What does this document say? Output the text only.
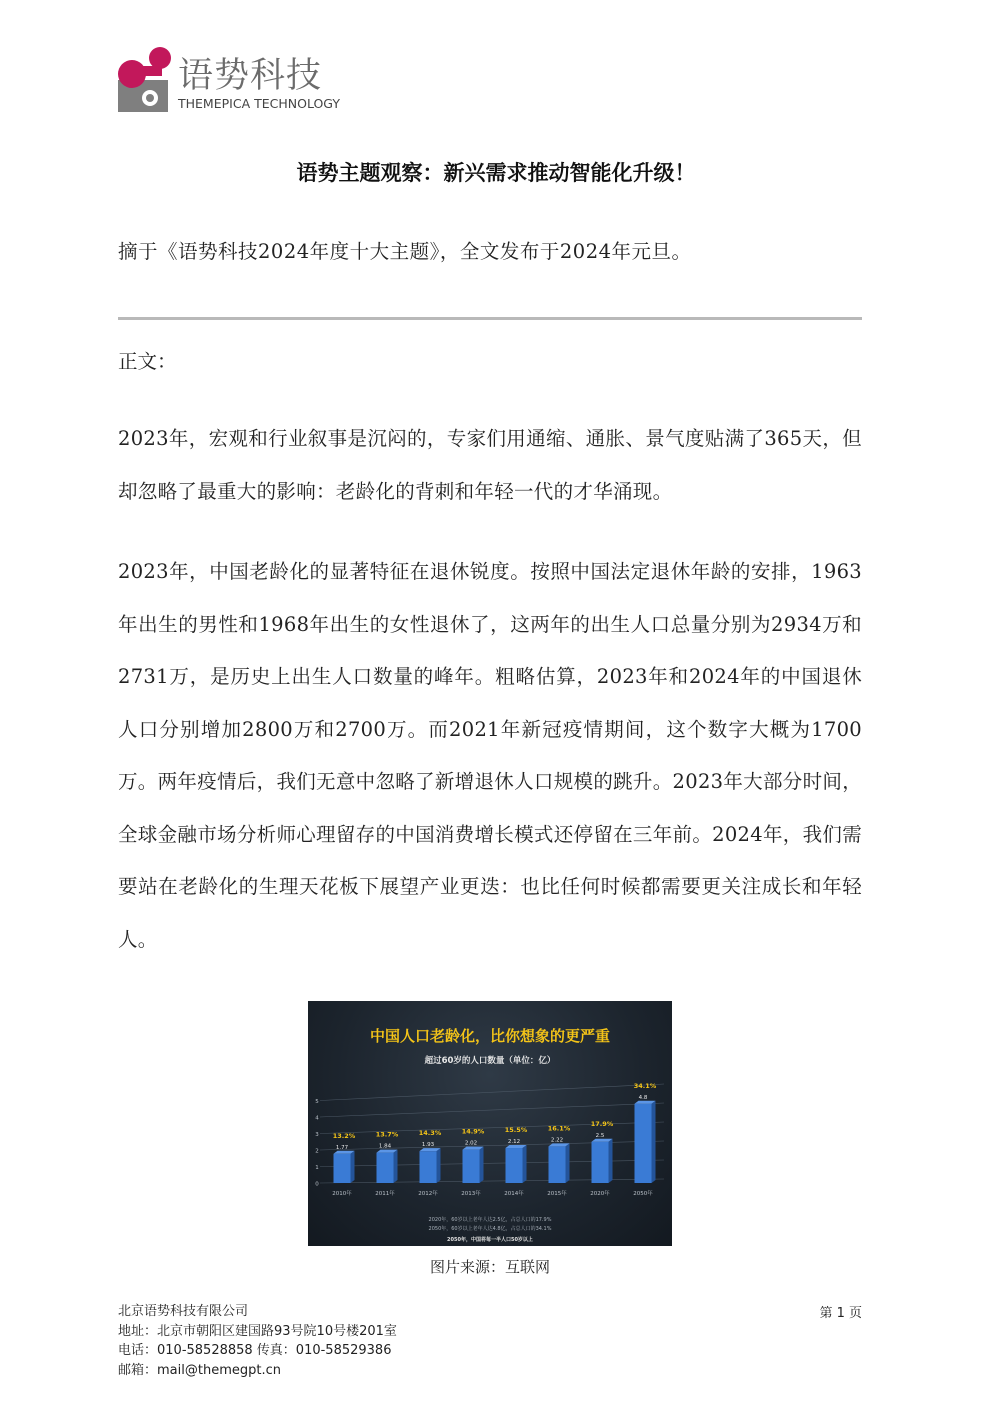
语势科技
THEMEPICA TECHNOLOGY
语势主题观察：新兴需求推动智能化升级！
摘于《语势科技2024年度十大主题》，全文发布于2024年元旦。
正文：
2023年，宏观和行业叙事是沉闷的，专家们用通缩、通胀、景气度贴满了365天，但却忽略了最重大的影响：老龄化的背刺和年轻一代的才华涌现。
2023年，中国老龄化的显著特征在退休锐度。按照中国法定退休年龄的安排，1963年出生的男性和1968年出生的女性退休了，这两年的出生人口总量分别为2934万和2731万，是历史上出生人口数量的峰年。粗略估算，2023年和2024年的中国退休人口分别增加2800万和2700万。而2021年新冠疫情期间，这个数字大概为1700万。两年疫情后，我们无意中忽略了新增退休人口规模的跳升。2023年大部分时间，全球金融市场分析师心理留存的中国消费增长模式还停留在三年前。2024年，我们需要站在老龄化的生理天花板下展望产业更迭：也比任何时候都需要更关注成长和年轻人。
中国人口老龄化，比你想象的更严重
超过60岁的人口数量（单位：亿）
0
1
2
3
4
5
1.77
13.2%
2010年
1.84
13.7%
2011年
1.93
14.3%
2012年
2.02
14.9%
2013年
2.12
15.5%
2014年
2.22
16.1%
2015年
2.5
17.9%
2020年
4.8
34.1%
2050年
2020年，60岁以上老年人达2.5亿，占总人口的17.9%
2050年，60岁以上老年人达4.8亿，占总人口的34.1%
2050年，中国将每一半人口50岁以上
图片来源：互联网
北京语势科技有限公司
地址：北京市朝阳区建国路93号院10号楼201室
电话：010-58528858 传真：010-58529386
邮箱：mail@themegpt.cn
第 1 页
